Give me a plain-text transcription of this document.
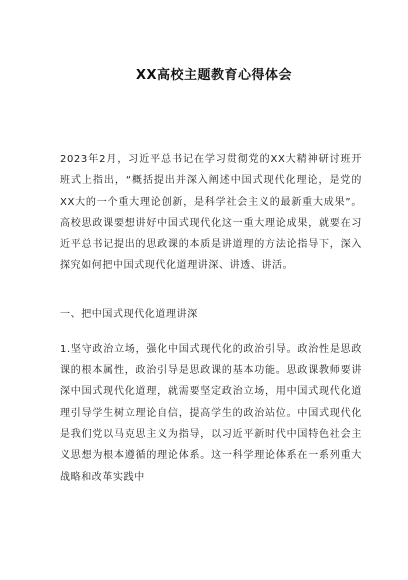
XX高校主题教育心得体会

2023年2月，习近平总书记在学习贯彻党的XX大精神研讨班开班式上指出，“概括提出并深入阐述中国式现代化理论，是党的XX大的一个重大理论创新，是科学社会主义的最新重大成果”。高校思政课要想讲好中国式现代化这一重大理论成果，就要在习近平总书记提出的思政课的本质是讲道理的方法论指导下，深入探究如何把中国式现代化道理讲深、讲透、讲活。

一、把中国式现代化道理讲深

1.坚守政治立场，强化中国式现代化的政治引导。政治性是思政课的根本属性，政治引导是思政课的基本功能。思政课教师要讲深中国式现代化道理，就需要坚定政治立场，用中国式现代化道理引导学生树立理论自信，提高学生的政治站位。中国式现代化是我们党以马克思主义为指导，以习近平新时代中国特色社会主义思想为根本遵循的理论体系。这一科学理论体系在一系列重大战略和改革实践中
